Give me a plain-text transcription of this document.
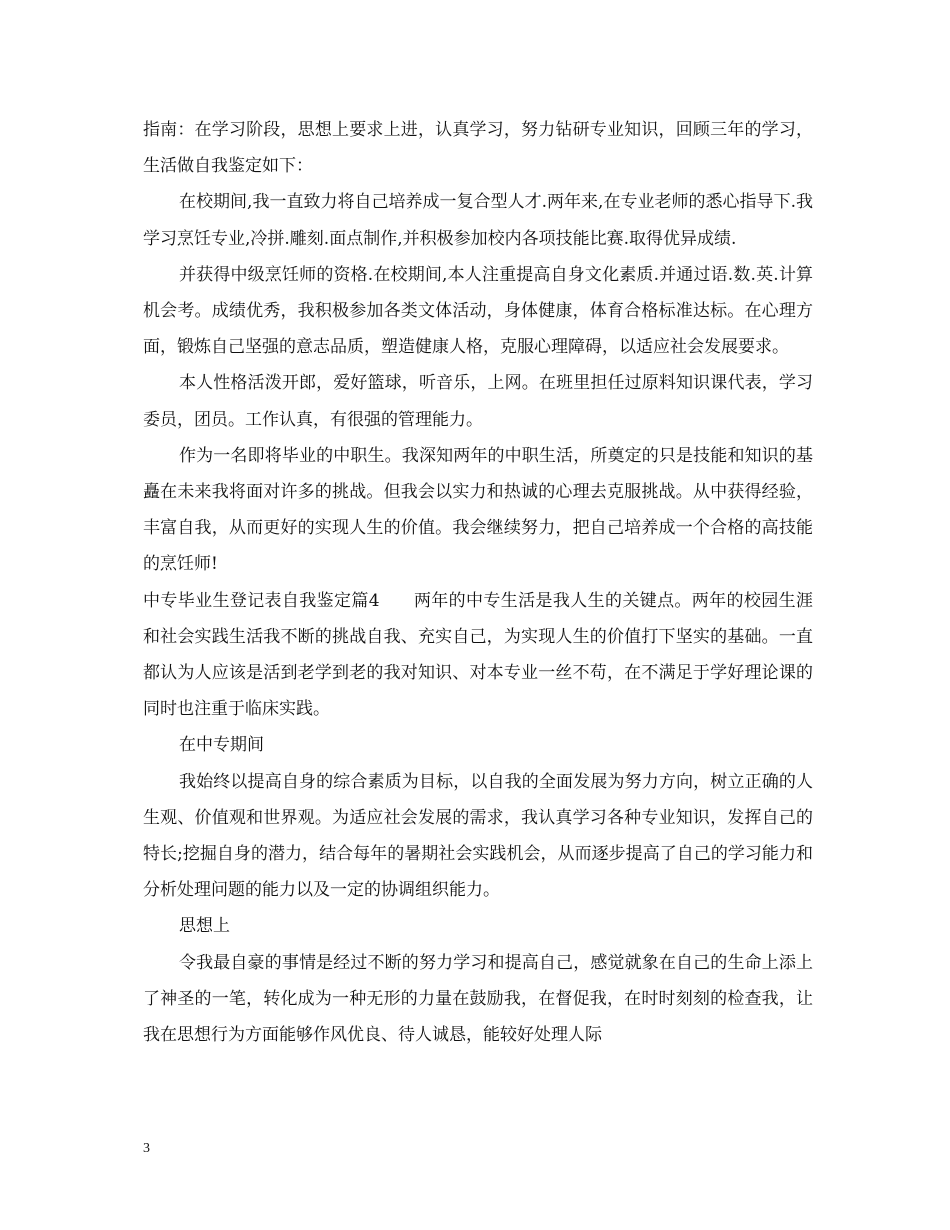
指南：在学习阶段，思想上要求上进，认真学习，努力钻研专业知识，回顾三年的学习，生活做自我鉴定如下：

在校期间,我一直致力将自己培养成一复合型人才.两年来,在专业老师的悉心指导下.我学习烹饪专业,冷拼.雕刻.面点制作,并积极参加校内各项技能比赛.取得优异成绩.

并获得中级烹饪师的资格.在校期间,本人注重提高自身文化素质.并通过语.数.英.计算机会考。成绩优秀，我积极参加各类文体活动，身体健康，体育合格标准达标。在心理方面，锻炼自己坚强的意志品质，塑造健康人格，克服心理障碍，以适应社会发展要求。

本人性格活泼开郎，爱好篮球，听音乐，上网。在班里担任过原料知识课代表，学习委员，团员。工作认真，有很强的管理能力。

作为一名即将毕业的中职生。我深知两年的中职生活，所奠定的只是技能和知识的基矗在未来我将面对许多的挑战。但我会以实力和热诚的心理去克服挑战。从中获得经验，丰富自我，从而更好的实现人生的价值。我会继续努力，把自己培养成一个合格的高技能的烹饪师!

中专毕业生登记表自我鉴定篇4 两年的中专生活是我人生的关键点。两年的校园生涯和社会实践生活我不断的挑战自我、充实自己，为实现人生的价值打下坚实的基础。一直都认为人应该是活到老学到老的我对知识、对本专业一丝不苟，在不满足于学好理论课的同时也注重于临床实践。

在中专期间

我始终以提高自身的综合素质为目标，以自我的全面发展为努力方向，树立正确的人生观、价值观和世界观。为适应社会发展的需求，我认真学习各种专业知识，发挥自己的特长;挖掘自身的潜力，结合每年的暑期社会实践机会，从而逐步提高了自己的学习能力和分析处理问题的能力以及一定的协调组织能力。

思想上

令我最自豪的事情是经过不断的努力学习和提高自己，感觉就象在自己的生命上添上了神圣的一笔，转化成为一种无形的力量在鼓励我，在督促我，在时时刻刻的检查我，让我在思想行为方面能够作风优良、待人诚恳，能较好处理人际

3
